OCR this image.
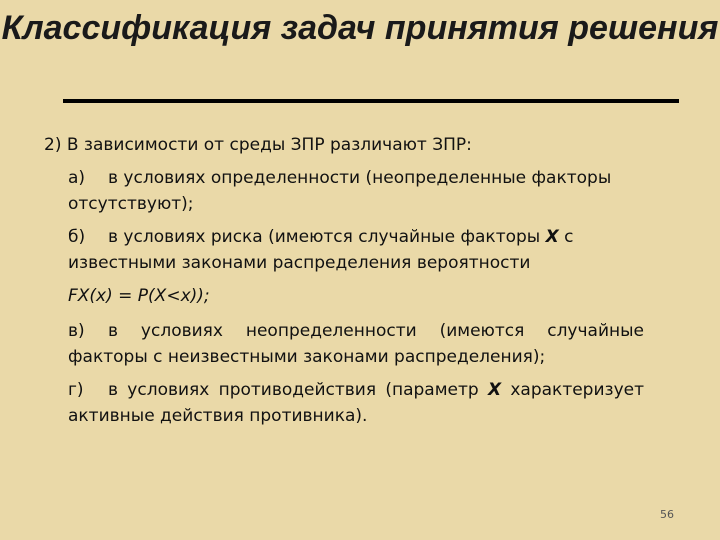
Классификация задач принятия решения
2) В зависимости от среды ЗПР различают ЗПР:
а) в условиях определенности (неопределенные факторы отсутствуют);
б) в условиях риска (имеются случайные факторы X с известными законами распределения вероятности
FX(x) = P(X<x));
в) в условиях неопределенности (имеются случайные факторы с неизвестными законами распределения);
г) в условиях противодействия (параметр X характеризует активные действия противника).
56
